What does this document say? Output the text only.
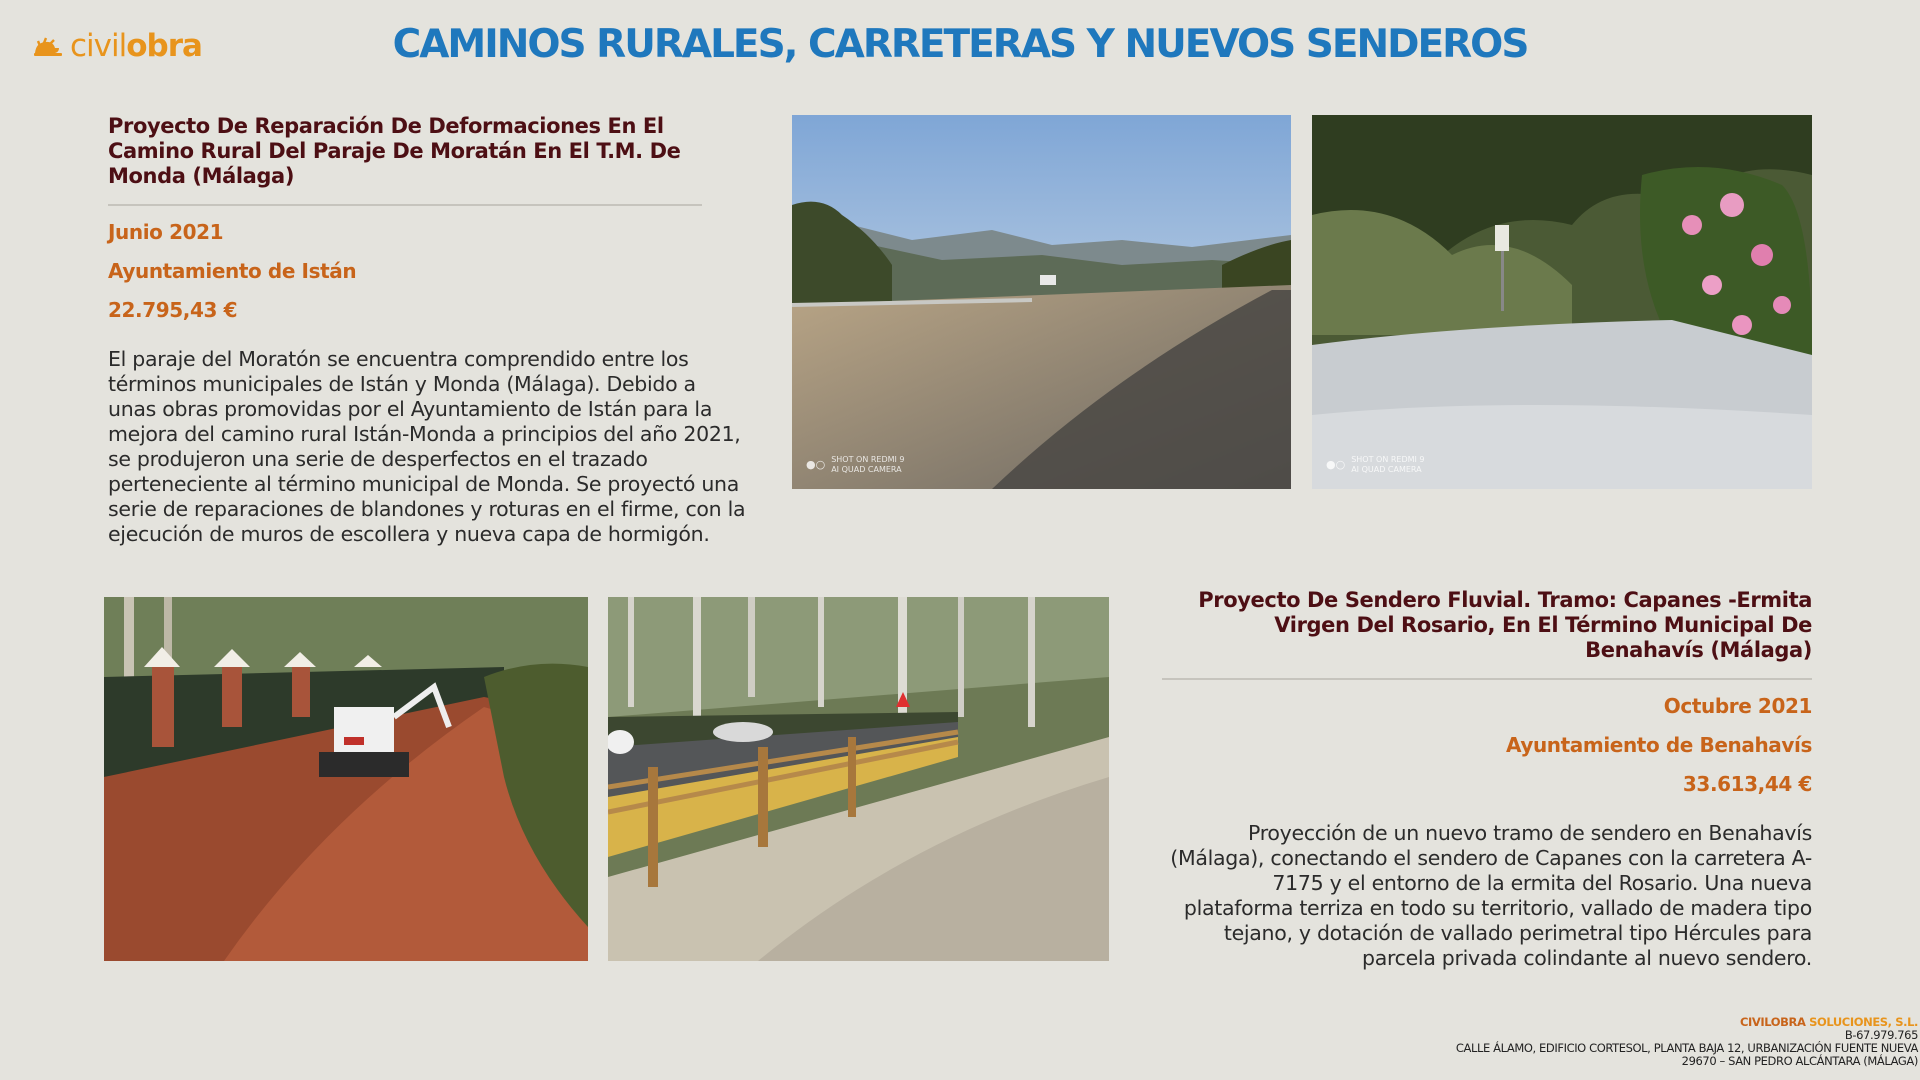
civilobra	CAMINOS RURALES, CARRETERAS Y NUEVOS SENDEROS
Proyecto De Reparación De Deformaciones En El Camino Rural Del Paraje De Moratán En El T.M. De Monda (Málaga)
Junio 2021
Ayuntamiento de Istán
22.795,43 €

El paraje del Moratón se encuentra comprendido entre los términos municipales de Istán y Monda (Málaga). Debido a unas obras promovidas por el Ayuntamiento de Istán para la mejora del camino rural Istán-Monda a principios del año 2021, se produjeron una serie de desperfectos en el trazado perteneciente al término municipal de Monda. Se proyectó una serie de reparaciones de blandones y roturas en el firme, con la ejecución de muros de escollera y nueva capa de hormigón.

●○ SHOT ON REDMI 9
AI QUAD CAMERA	●○ SHOT ON REDMI 9
AI QUAD CAMERA
Proyecto De Sendero Fluvial. Tramo: Capanes -Ermita Virgen Del Rosario, En El Término Municipal De Benahavís (Málaga)
Octubre 2021
Ayuntamiento de Benahavís
33.613,44 €

Proyección de un nuevo tramo de sendero en Benahavís (Málaga), conectando el sendero de Capanes con la carretera A-7175 y el entorno de la ermita del Rosario. Una nueva plataforma terriza en todo su territorio, vallado de madera tipo tejano, y dotación de vallado perimetral tipo Hércules para parcela privada colindante al nuevo sendero.

CIVILOBRA SOLUCIONES, S.L.
B-67.979.765
CALLE ÁLAMO, EDIFICIO CORTESOL, PLANTA BAJA 12, URBANIZACIÓN FUENTE NUEVA
29670 – SAN PEDRO ALCÁNTARA (MÁLAGA)
